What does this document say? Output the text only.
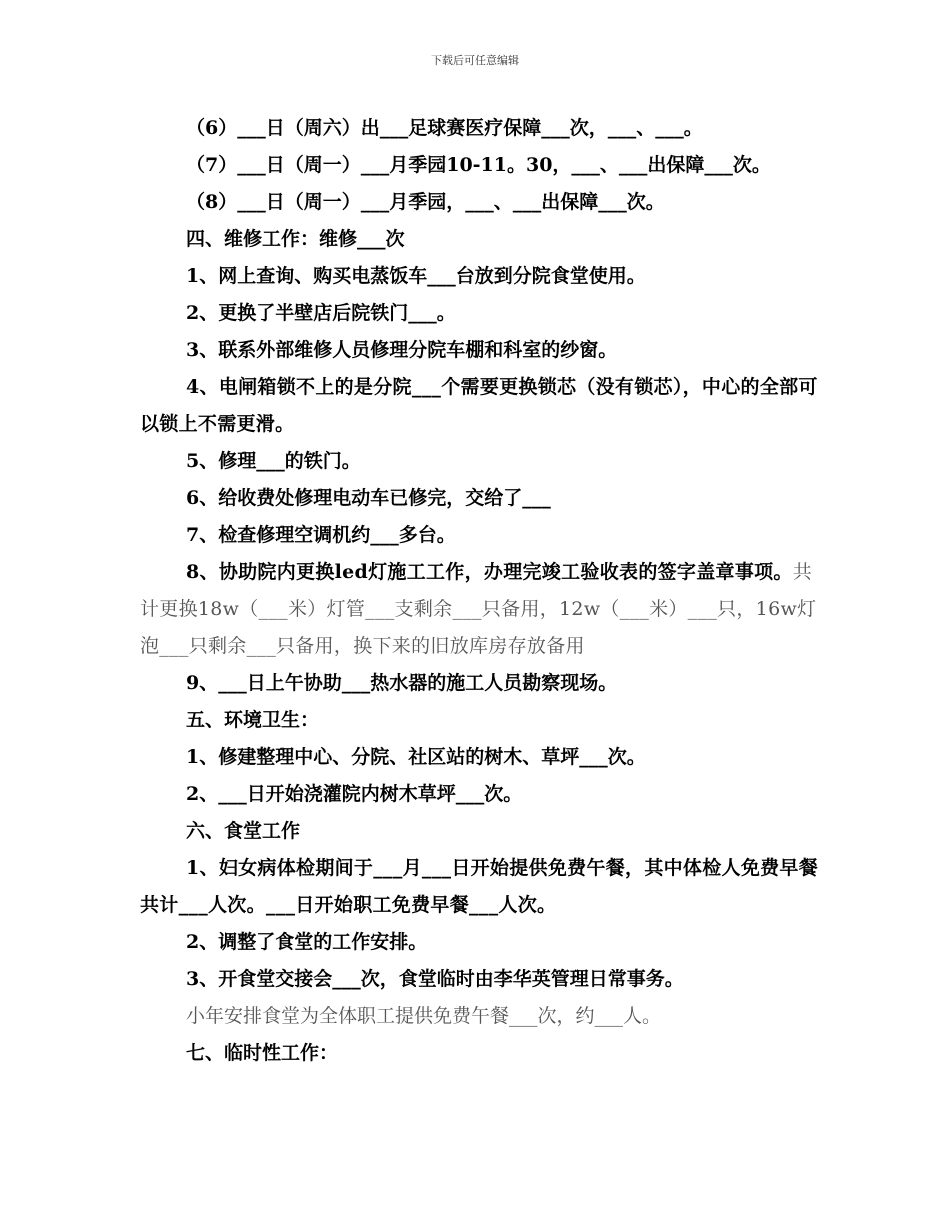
下载后可任意编辑
（6）___日（周六）出___足球赛医疗保障___次，___、___。
（7）___日（周一）___月季园10-11。30，___、___出保障___次。
（8）___日（周一）___月季园，___、___出保障___次。
四、维修工作：维修___次
1、网上查询、购买电蒸饭车___台放到分院食堂使用。
2、更换了半壁店后院铁门___。
3、联系外部维修人员修理分院车棚和科室的纱窗。
4、电闸箱锁不上的是分院___个需要更换锁芯（没有锁芯），中心的全部可以锁上不需更滑。
5、修理___的铁门。
6、给收费处修理电动车已修完，交给了___
7、检查修理空调机约___多台。
8、协助院内更换led灯施工工作，办理完竣工验收表的签字盖章事项。共计更换18w（___米）灯管___支剩余___只备用，12w（___米）___只，16w灯泡___只剩余___只备用，换下来的旧放库房存放备用
9、___日上午协助___热水器的施工人员勘察现场。
五、环境卫生：
1、修建整理中心、分院、社区站的树木、草坪___次。
2、___日开始浇灌院内树木草坪___次。
六、食堂工作
1、妇女病体检期间于___月___日开始提供免费午餐，其中体检人免费早餐共计___人次。___日开始职工免费早餐___人次。
2、调整了食堂的工作安排。
3、开食堂交接会___次，食堂临时由李华英管理日常事务。
小年安排食堂为全体职工提供免费午餐___次，约___人。
七、临时性工作：
